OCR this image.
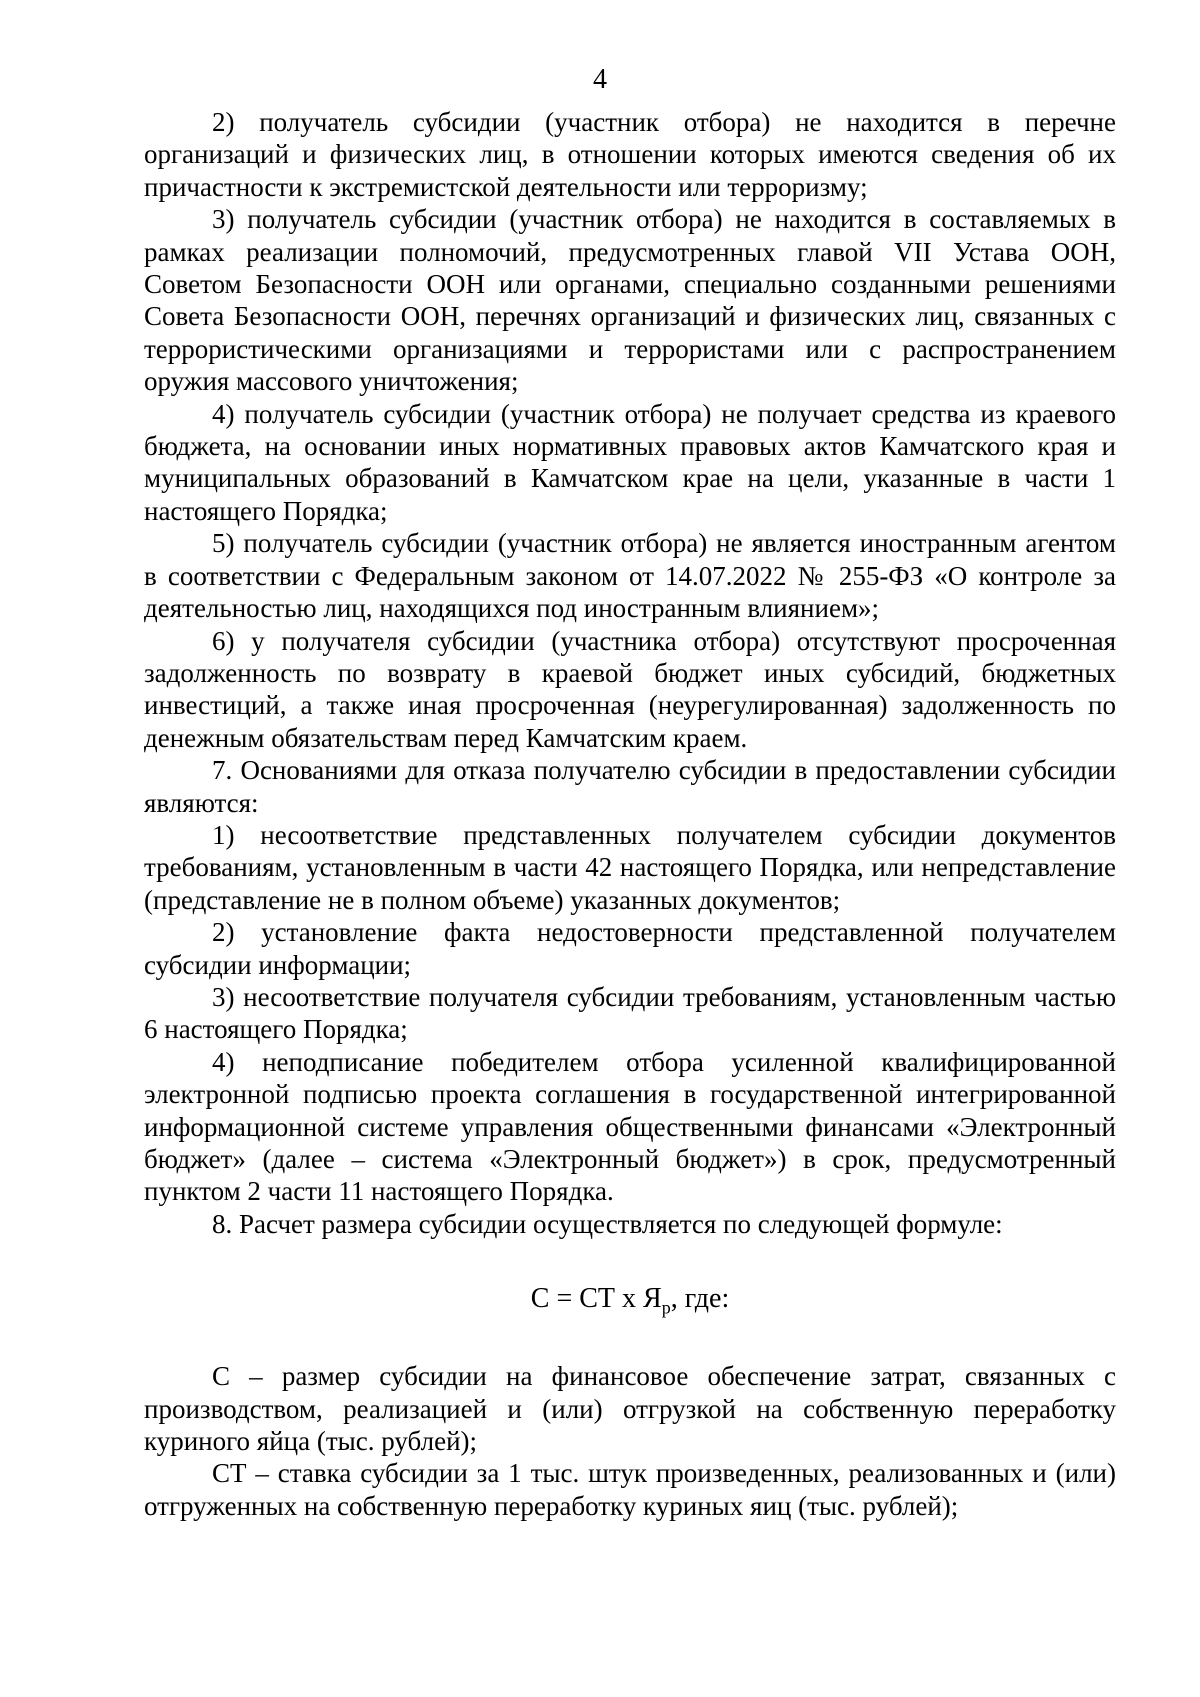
4

2) получатель субсидии (участник отбора) не находится в перечне организаций и физических лиц, в отношении которых имеются сведения об их причастности к экстремистской деятельности или терроризму;

3) получатель субсидии (участник отбора) не находится в составляемых в рамках реализации полномочий, предусмотренных главой VII Устава ООН, Советом Безопасности ООН или органами, специально созданными решениями Совета Безопасности ООН, перечнях организаций и физических лиц, связанных с террористическими организациями и террористами или с распространением оружия массового уничтожения;

4) получатель субсидии (участник отбора) не получает средства из краевого бюджета, на основании иных нормативных правовых актов Камчатского края и муниципальных образований в Камчатском крае на цели, указанные в части 1 настоящего Порядка;

5) получатель субсидии (участник отбора) не является иностранным агентом в соответствии с Федеральным законом от 14.07.2022 № 255-ФЗ «О контроле за деятельностью лиц, находящихся под иностранным влиянием»;

6) у получателя субсидии (участника отбора) отсутствуют просроченная задолженность по возврату в краевой бюджет иных субсидий, бюджетных инвестиций, а также иная просроченная (неурегулированная) задолженность по денежным обязательствам перед Камчатским краем.

7. Основаниями для отказа получателю субсидии в предоставлении субсидии являются:

1) несоответствие представленных получателем субсидии документов требованиям, установленным в части 42 настоящего Порядка, или непредставление (представление не в полном объеме) указанных документов;

2) установление факта недостоверности представленной получателем субсидии информации;

3) несоответствие получателя субсидии требованиям, установленным частью 6 настоящего Порядка;

4) неподписание победителем отбора усиленной квалифицированной электронной подписью проекта соглашения в государственной интегрированной информационной системе управления общественными финансами «Электронный бюджет» (далее – система «Электронный бюджет») в срок, предусмотренный пунктом 2 части 11 настоящего Порядка.

8. Расчет размера субсидии осуществляется по следующей формуле:

С = СТ х $Я_р$, где:

С – размер субсидии на финансовое обеспечение затрат, связанных с производством, реализацией и (или) отгрузкой на собственную переработку куриного яйца (тыс. рублей);

СТ – ставка субсидии за 1 тыс. штук произведенных, реализованных и (или) отгруженных на собственную переработку куриных яиц (тыс. рублей);
